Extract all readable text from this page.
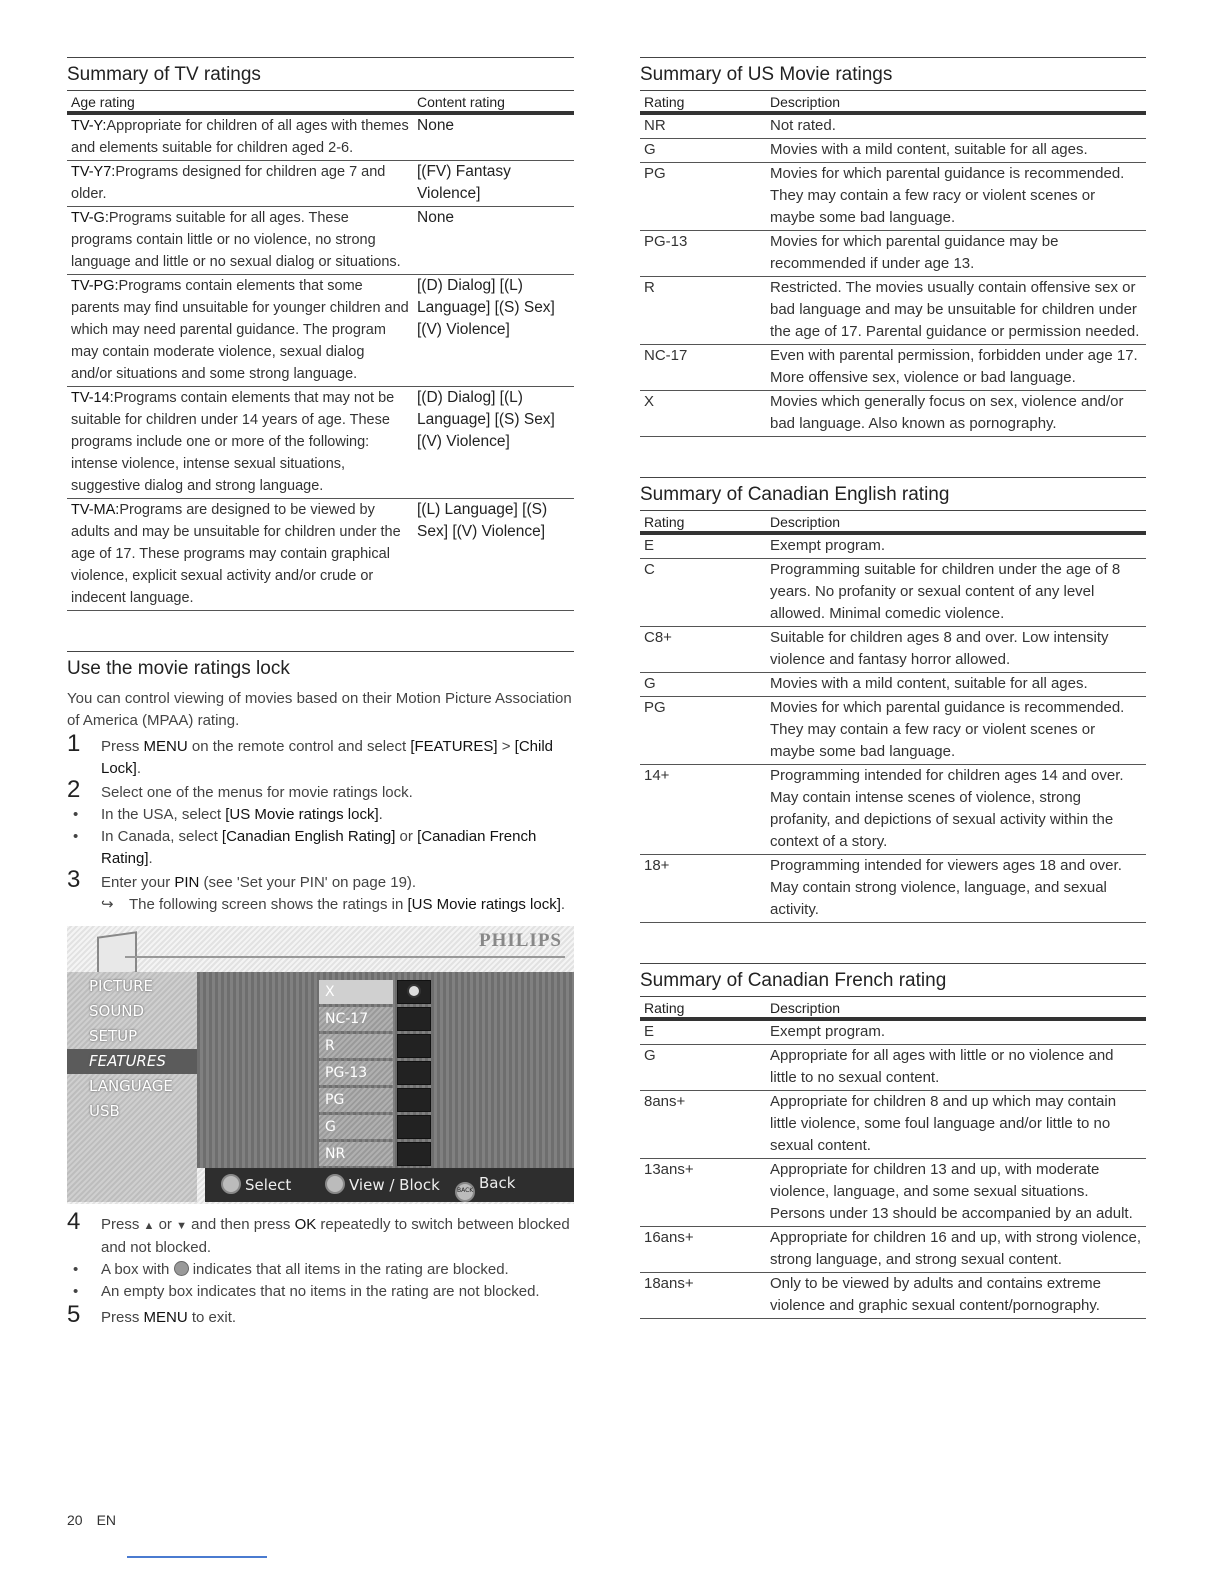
Summary of TV ratings
Age rating	Content rating
TV-Y:Appropriate for children of all ages with themes and elements suitable for children aged 2-6.	None
TV-Y7:Programs designed for children age 7 and older.	[(FV) Fantasy Violence]
TV-G:Programs suitable for all ages. These programs contain little or no violence, no strong language and little or no sexual dialog or situations.	None
TV-PG:Programs contain elements that some parents may find unsuitable for younger children and which may need parental guidance. The program may contain moderate violence, sexual dialog and/or situations and some strong language.	[(D) Dialog] [(L) Language] [(S) Sex] [(V) Violence]
TV-14:Programs contain elements that may not be suitable for children under 14 years of age. These programs include one or more of the following: intense violence, intense sexual situations, suggestive dialog and strong language.	[(D) Dialog] [(L) Language] [(S) Sex] [(V) Violence]
TV-MA:Programs are designed to be viewed by adults and may be unsuitable for children under the age of 17. These programs may contain graphical violence, explicit sexual activity and/or crude or indecent language.	[(L) Language] [(S) Sex] [(V) Violence]
Use the movie ratings lock
You can control viewing of movies based on their Motion Picture Association of America (MPAA) rating.
1 Press MENU on the remote control and select [FEATURES] > [Child Lock].
2 Select one of the menus for movie ratings lock.
• In the USA, select [US Movie ratings lock].
• In Canada, select [Canadian English Rating] or [Canadian French Rating].
3 Enter your PIN (see 'Set your PIN' on page 19).
↪ The following screen shows the ratings in [US Movie ratings lock].
PHILIPS
PICTURE
SOUND
SETUP
FEATURES
LANGUAGE
USB
X
NC-17
R
PG-13
PG
G
NR
Select	View / Block	BACK Back
4 Press ▲ or ▼ and then press OK repeatedly to switch between blocked and not blocked.
• A box with  indicates that all items in the rating are blocked.
• An empty box indicates that no items in the rating are not blocked.
5 Press MENU to exit.
Summary of US Movie ratings
Rating	Description
NR	Not rated.
G	Movies with a mild content, suitable for all ages.
PG	Movies for which parental guidance is recommended. They may contain a few racy or violent scenes or maybe some bad language.
PG-13	Movies for which parental guidance may be recommended if under age 13.
R	Restricted. The movies usually contain offensive sex or bad language and may be unsuitable for children under the age of 17. Parental guidance or permission needed.
NC-17	Even with parental permission, forbidden under age 17. More offensive sex, violence or bad language.
X	Movies which generally focus on sex, violence and/or bad language. Also known as pornography.
Summary of Canadian English rating
Rating	Description
E	Exempt program.
C	Programming suitable for children under the age of 8 years. No profanity or sexual content of any level allowed. Minimal comedic violence.
C8+	Suitable for children ages 8 and over. Low intensity violence and fantasy horror allowed.
G	Movies with a mild content, suitable for all ages.
PG	Movies for which parental guidance is recommended. They may contain a few racy or violent scenes or maybe some bad language.
14+	Programming intended for children ages 14 and over. May contain intense scenes of violence, strong profanity, and depictions of sexual activity within the context of a story.
18+	Programming intended for viewers ages 18 and over. May contain strong violence, language, and sexual activity.
Summary of Canadian French rating
Rating	Description
E	Exempt program.
G	Appropriate for all ages with little or no violence and little to no sexual content.
8ans+	Appropriate for children 8 and up which may contain little violence, some foul language and/or little to no sexual content.
13ans+	Appropriate for children 13 and up, with moderate violence, language, and some sexual situations. Persons under 13 should be accompanied by an adult.
16ans+	Appropriate for children 16 and up, with strong violence, strong language, and strong sexual content.
18ans+	Only to be viewed by adults and contains extreme violence and graphic sexual content/pornography.
20 EN
